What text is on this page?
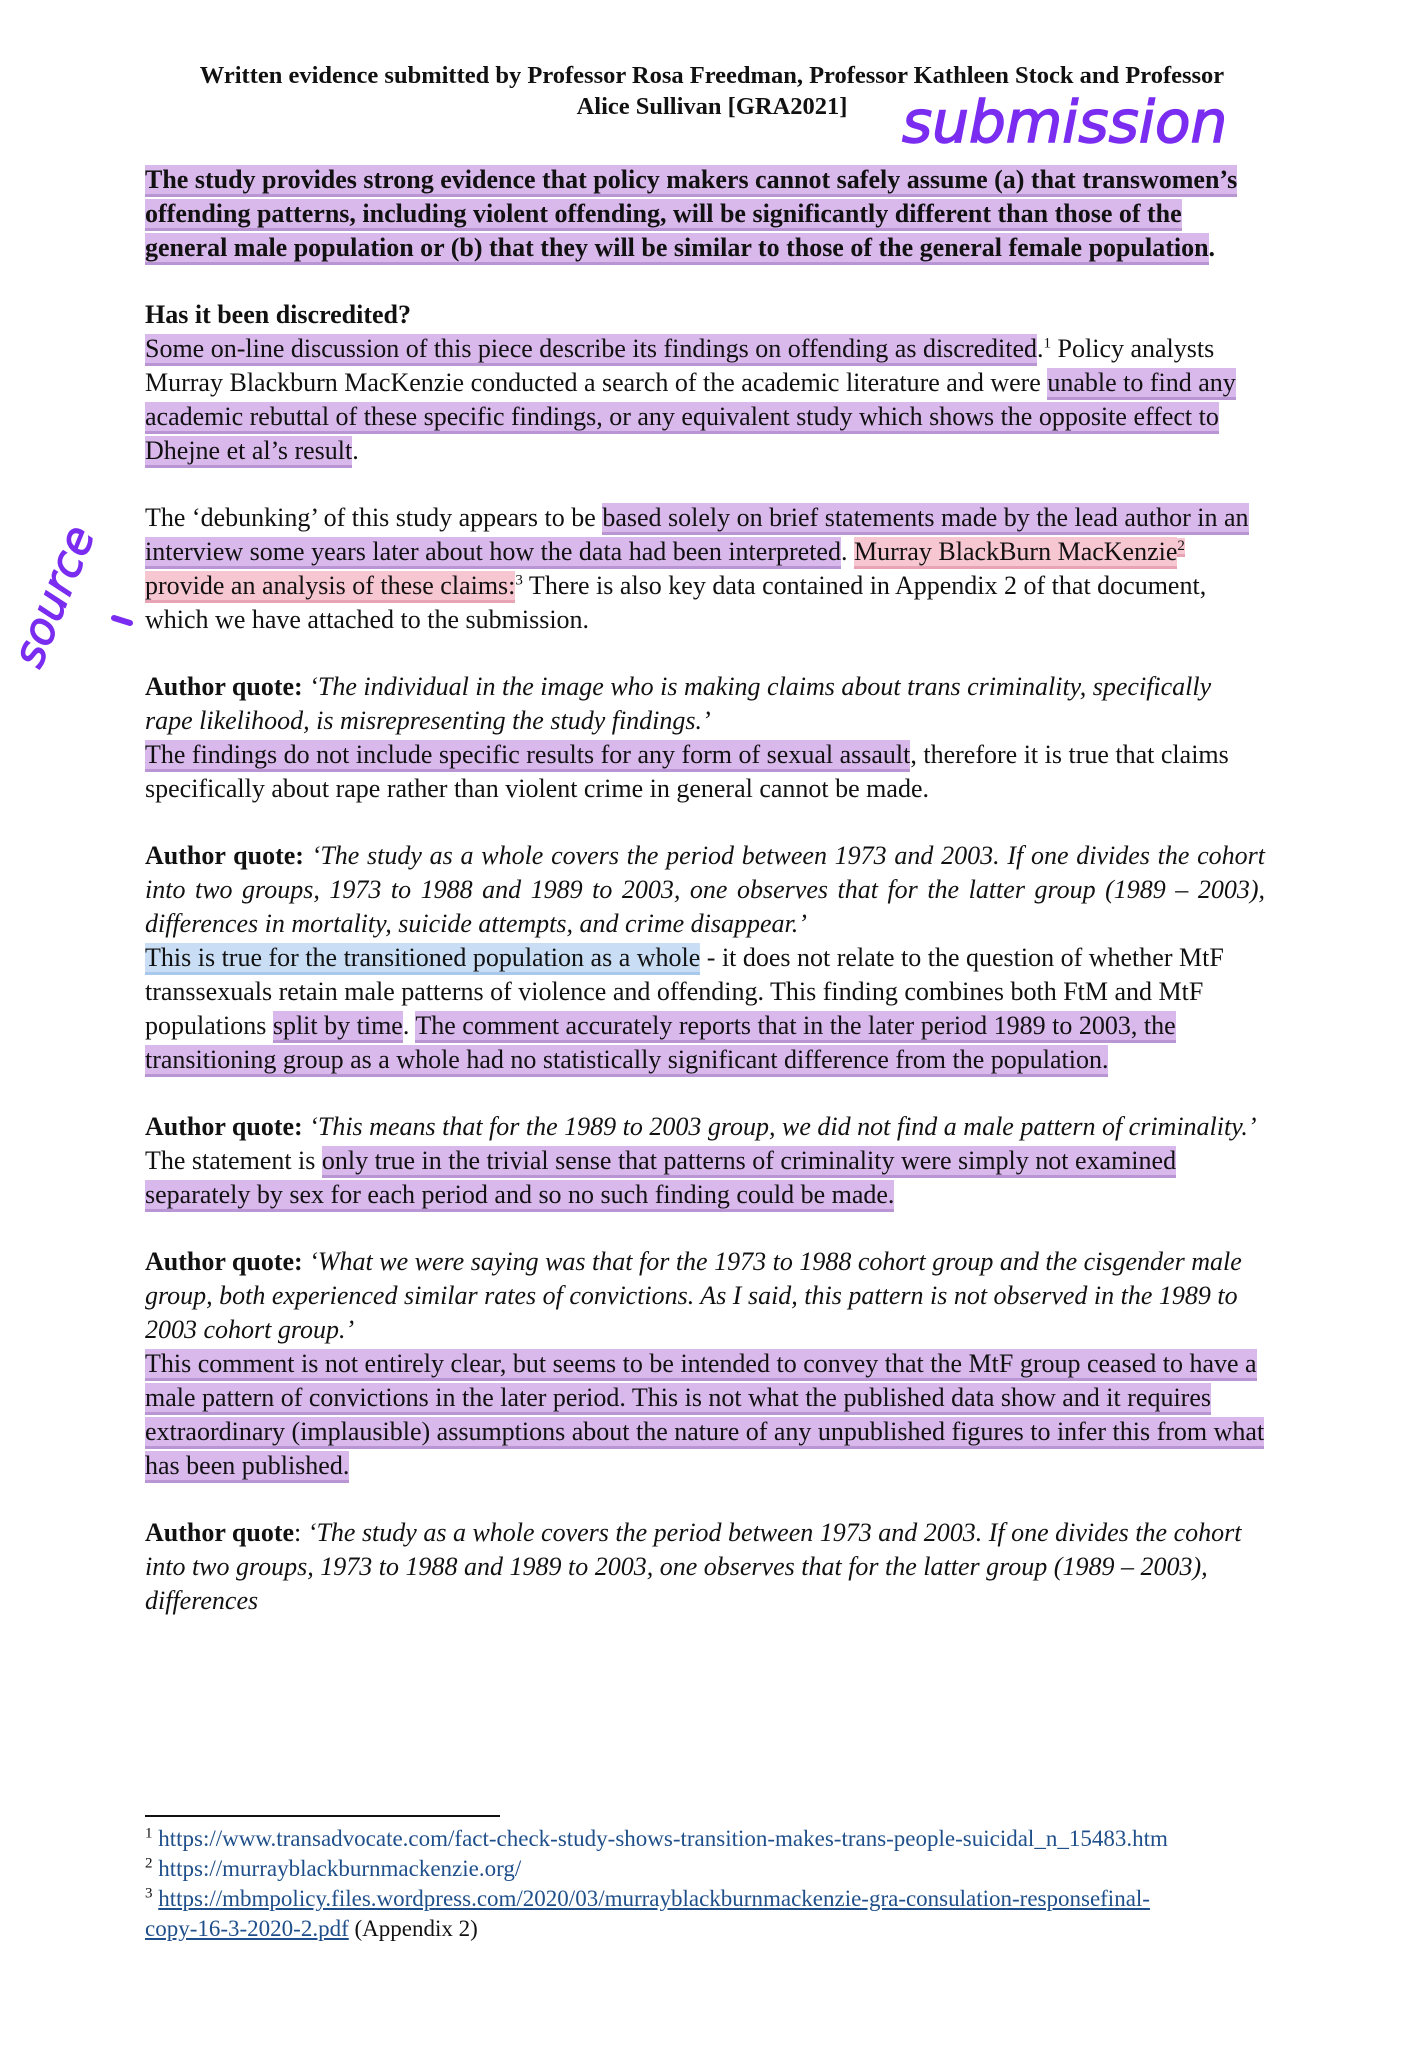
Written evidence submitted by Professor Rosa Freedman, Professor Kathleen Stock and Professor
Alice Sullivan [GRA2021] submission
source

The study provides strong evidence that policy makers cannot safely assume (a) that transwomen’s offending patterns, including violent offending, will be significantly different than those of the general male population or (b) that they will be similar to those of the general female population.

Has it been discredited?
Some on-line discussion of this piece describe its findings on offending as discredited.$^1$ Policy analysts Murray Blackburn MacKenzie conducted a search of the academic literature and were unable to find any academic rebuttal of these specific findings, or any equivalent study which shows the opposite effect to Dhejne et al’s result.

The ‘debunking’ of this study appears to be based solely on brief statements made by the lead author in an interview some years later about how the data had been interpreted. Murray BlackBurn MacKenzie$^2$ provide an analysis of these claims:$^3$ There is also key data contained in Appendix 2 of that document, which we have attached to the submission.

Author quote: ‘The individual in the image who is making claims about trans criminality, specifically rape likelihood, is misrepresenting the study findings.’
The findings do not include specific results for any form of sexual assault, therefore it is true that claims specifically about rape rather than violent crime in general cannot be made.

Author quote: ‘The study as a whole covers the period between 1973 and 2003. If one divides the cohort into two groups, 1973 to 1988 and 1989 to 2003, one observes that for the latter group (1989 – 2003), differences in mortality, suicide attempts, and crime disappear.’
This is true for the transitioned population as a whole - it does not relate to the question of whether MtF transsexuals retain male patterns of violence and offending. This finding combines both FtM and MtF populations split by time. The comment accurately reports that in the later period 1989 to 2003, the transitioning group as a whole had no statistically significant difference from the population.

Author quote: ‘This means that for the 1989 to 2003 group, we did not find a male pattern of criminality.’ The statement is only true in the trivial sense that patterns of criminality were simply not examined separately by sex for each period and so no such finding could be made.

Author quote: ‘What we were saying was that for the 1973 to 1988 cohort group and the cisgender male group, both experienced similar rates of convictions. As I said, this pattern is not observed in the 1989 to 2003 cohort group.’
This comment is not entirely clear, but seems to be intended to convey that the MtF group ceased to have a male pattern of convictions in the later period. This is not what the published data show and it requires extraordinary (implausible) assumptions about the nature of any unpublished figures to infer this from what has been published.

Author quote: ‘The study as a whole covers the period between 1973 and 2003. If one divides the cohort into two groups, 1973 to 1988 and 1989 to 2003, one observes that for the latter group (1989 – 2003), differences

$^1$ https://www.transadvocate.com/fact-check-study-shows-transition-makes-trans-people-suicidal_n_15483.htm
$^2$ https://murrayblackburnmackenzie.org/
$^3$ https://mbmpolicy.files.wordpress.com/2020/03/murrayblackburnmackenzie-gra-consulation-responsefinal-copy-16-3-2020-2.pdf (Appendix 2)
